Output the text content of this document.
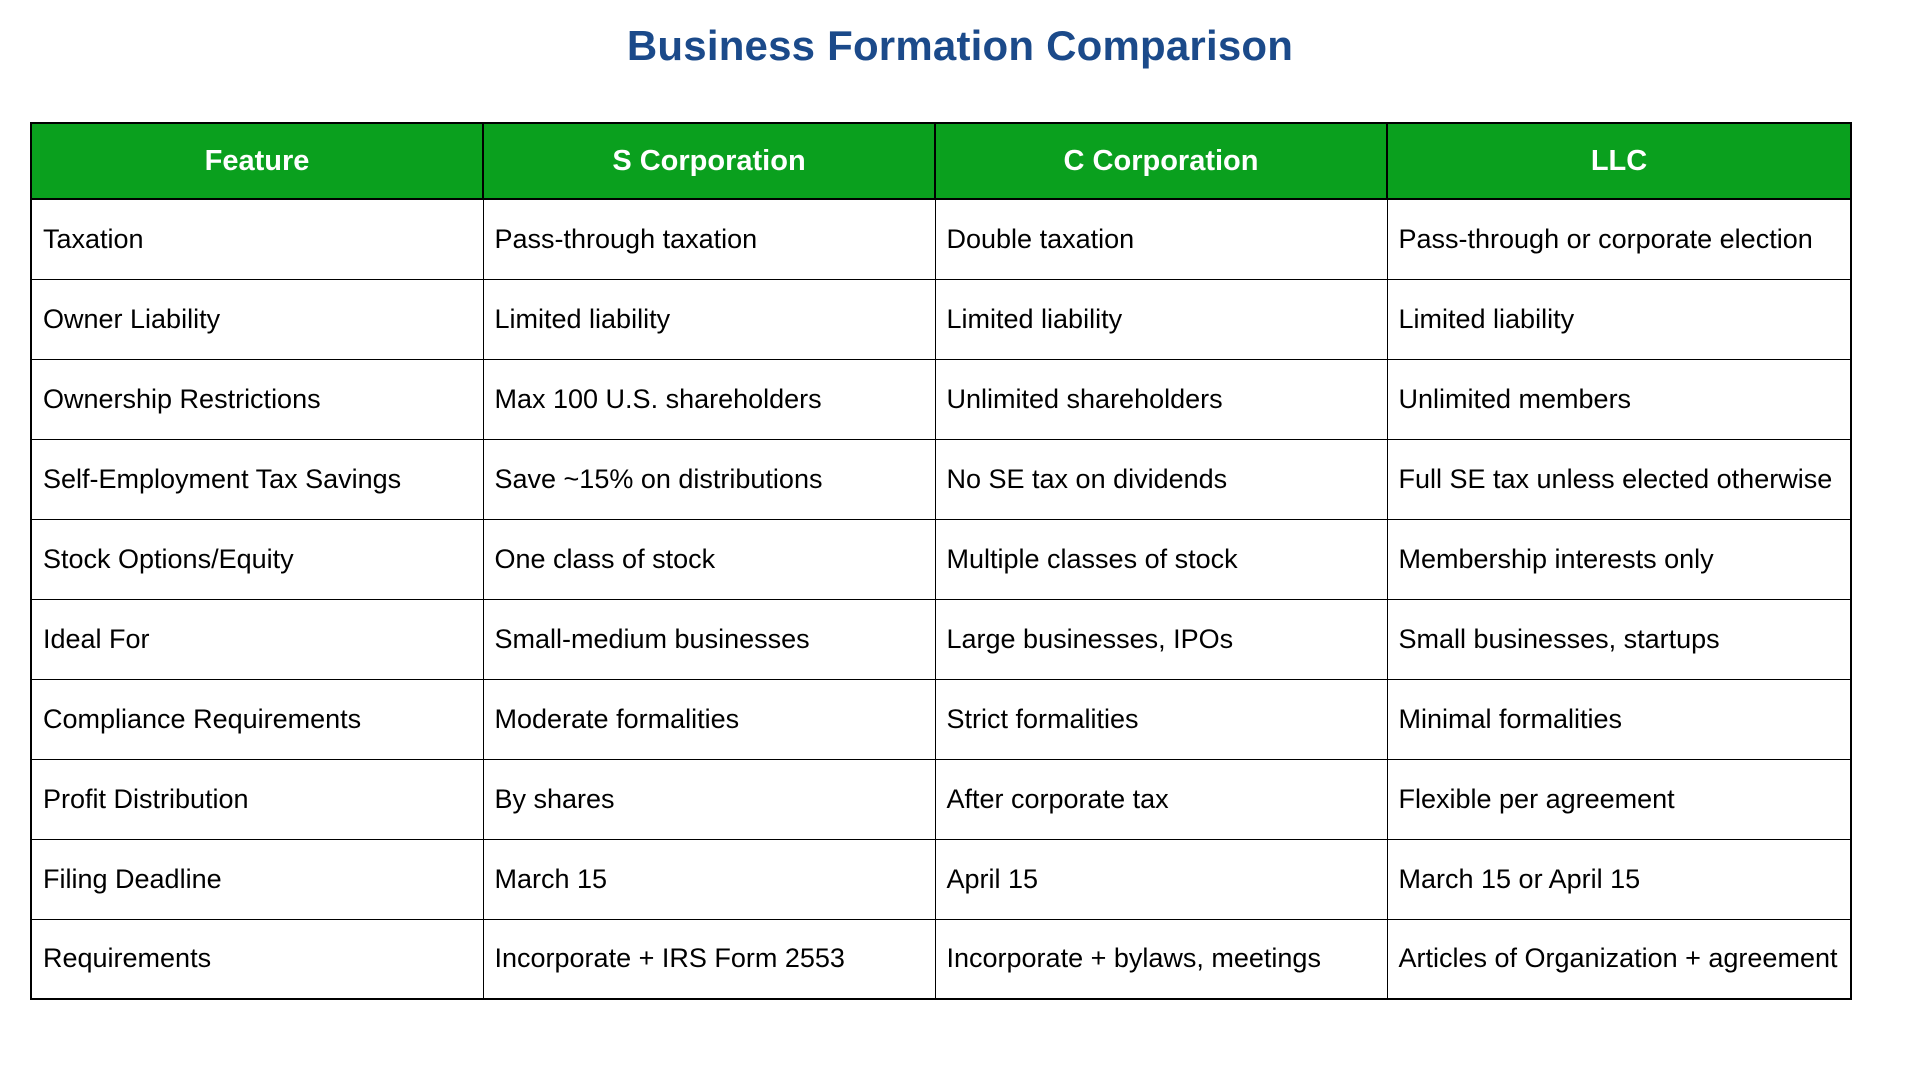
Business Formation Comparison
Feature	S Corporation	C Corporation	LLC
Taxation	Pass-through taxation	Double taxation	Pass-through or corporate election
Owner Liability	Limited liability	Limited liability	Limited liability
Ownership Restrictions	Max 100 U.S. shareholders	Unlimited shareholders	Unlimited members
Self-Employment Tax Savings	Save ~15% on distributions	No SE tax on dividends	Full SE tax unless elected otherwise
Stock Options/Equity	One class of stock	Multiple classes of stock	Membership interests only
Ideal For	Small-medium businesses	Large businesses, IPOs	Small businesses, startups
Compliance Requirements	Moderate formalities	Strict formalities	Minimal formalities
Profit Distribution	By shares	After corporate tax	Flexible per agreement
Filing Deadline	March 15	April 15	March 15 or April 15
Requirements	Incorporate + IRS Form 2553	Incorporate + bylaws, meetings	Articles of Organization + agreement
